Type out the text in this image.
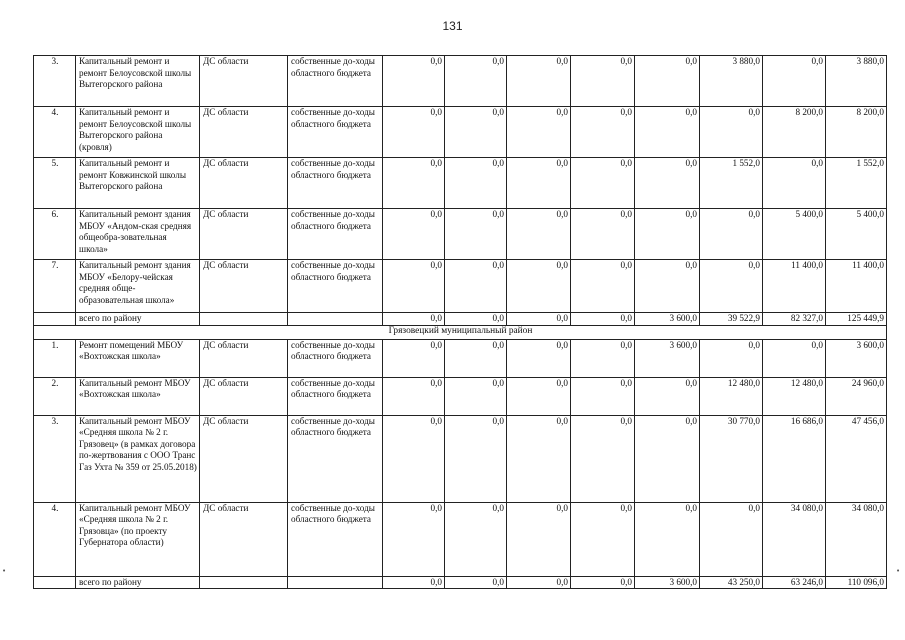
131
3.	Капитальный ремонт и ремонт Белоусовской школы Вытегорского района	ДС области	собственные до-ходы областного бюджета	0,0	0,0	0,0	0,0	0,0	3 880,0	0,0	3 880,0
4.	Капитальный ремонт и ремонт Белоусовской школы Вытегорского района (кровля)	ДС области	собственные до-ходы областного бюджета	0,0	0,0	0,0	0,0	0,0	0,0	8 200,0	8 200,0
5.	Капитальный ремонт и ремонт Ковжинской школы Вытегорского района	ДС области	собственные до-ходы областного бюджета	0,0	0,0	0,0	0,0	0,0	1 552,0	0,0	1 552,0
6.	Капитальный ремонт здания МБОУ «Андом-ская средняя общеобра-зовательная школа»	ДС области	собственные до-ходы областного бюджета	0,0	0,0	0,0	0,0	0,0	0,0	5 400,0	5 400,0
7.	Капитальный ремонт здания МБОУ «Белору-чейская средняя обще-образовательная школа»	ДС области	собственные до-ходы областного бюджета	0,0	0,0	0,0	0,0	0,0	0,0	11 400,0	11 400,0
	всего по району			0,0	0,0	0,0	0,0	3 600,0	39 522,9	82 327,0	125 449,9
Грязовецкий муниципальный район											
1.	Ремонт помещений МБОУ «Вохтожская школа»	ДС области	собственные до-ходы областного бюджета	0,0	0,0	0,0	0,0	3 600,0	0,0	0,0	3 600,0
2.	Капитальный ремонт МБОУ «Вохтожская школа»	ДС области	собственные до-ходы областного бюджета	0,0	0,0	0,0	0,0	0,0	12 480,0	12 480,0	24 960,0
3.	Капитальный ремонт МБОУ «Средняя школа № 2 г. Грязовец» (в рамках договора по-жертвования с ООО Транс Газ Ухта № 359 от 25.05.2018)	ДС области	собственные до-ходы областного бюджета	0,0	0,0	0,0	0,0	0,0	30 770,0	16 686,0	47 456,0
4.	Капитальный ремонт МБОУ «Средняя школа № 2 г. Грязовца» (по проекту Губернатора области)	ДС области	собственные до-ходы областного бюджета	0,0	0,0	0,0	0,0	0,0	0,0	34 080,0	34 080,0
	всего по району			0,0	0,0	0,0	0,0	3 600,0	43 250,0	63 246,0	110 096,0
•	•
